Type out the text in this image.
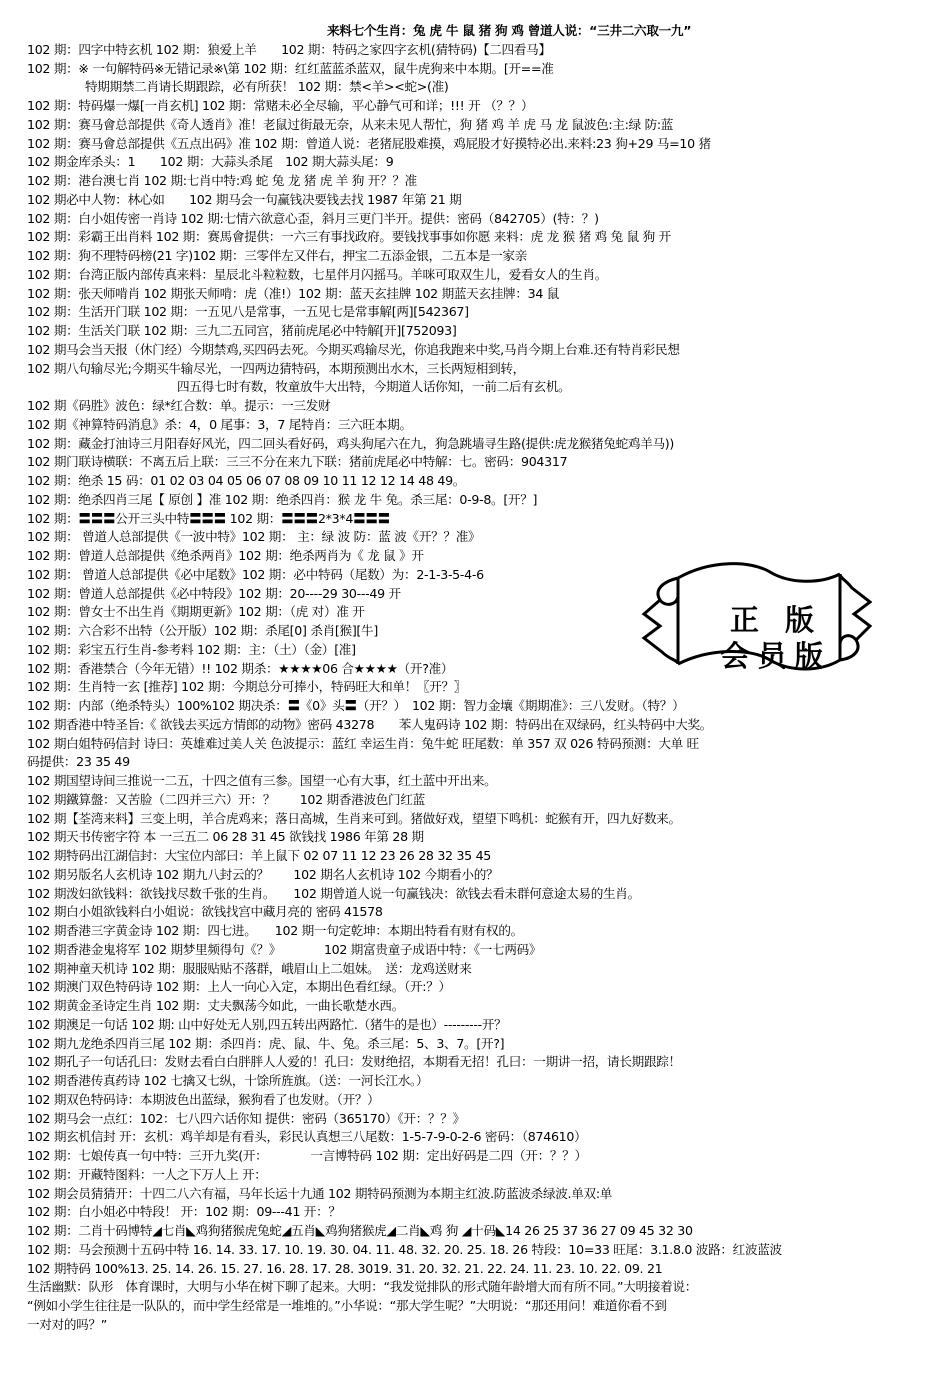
来料七个生肖：兔 虎 牛 鼠 猪 狗 鸡 曾道人说：“三井二六取一九”
102 期：四字中特玄机 102 期：狼爱上羊　　102 期：特码之家四字玄机(猜特码)【二四看马】
102 期：※ 一句解特码※无错记录※\第 102 期：红红蓝蓝杀蓝双，鼠牛虎狗来中本期。[开==准
特期期禁二肖请长期跟踪，必有所获！ 102 期：禁<羊><蛇>(准)
102 期：特码爆一爆[一肖玄机] 102 期：常赌未必全尽输，平心静气可和详；!!! 开 （？？）
102 期：赛马會总部提供《奇人透肖》准！老鼠过街最无奈，从来未见人帮忙，狗 猪 鸡 羊 虎 马 龙 鼠波色:主:绿 防:蓝
102 期：赛马會总部提供《五点出码》准 102 期：曾道人说：老猪屁股难摸，鸡屁股才好摸特必出.来料:23 狗+29 马=10 猪
102 期金库杀头：1　　102 期：大蒜头杀尾　102 期大蒜头尾：9
102 期：港台澳七肖 102 期:七肖中特:鸡 蛇 兔 龙 猪 虎 羊 狗 开？？准
102 期必中人物：林心如　　102 期马会一句赢钱决要钱去找 1987 年第 21 期
102 期：白小姐传密一肖诗 102 期:七情六欲意心歪，斜月三更门半开。提供：密码（842705）(特：？)
102 期：彩霸王出肖料 102 期：赛馬會提供：一六三有事找政府。要钱找事事如你愿 来料：虎 龙 猴 猪 鸡 兔 鼠 狗 开
102 期：狗不理特码榜(21 字)102 期：三零伴左又伴右，押宝二五添金银，二五本是一家亲
102 期：台湾正版内部传真来料：星辰北斗粒粒数，七星伴月闪摇马。羊咪可取双生儿，爱看女人的生肖。
102 期：张天师啃肖 102 期张天师啃：虎（准!）102 期：蓝天玄挂牌 102 期蓝天玄挂牌：34 鼠
102 期：生活开门联 102 期：一五见八是常事，一五见七是常事解[两][542367]
102 期：生活关门联 102 期：三九二五同宫，猪前虎尾必中特解[开][752093]
102 期马会当天报（休门经）今期禁鸡,买四码去死。今期买鸡输尽光，你追我跑来中奖,马肖今期上台难.还有特肖彩民想
102 期八句输尽光;今期买牛输尽光，一四两边猜特码，本期预测出水木，三长两短相到转，
四五得七时有数，牧童放牛大出特，今期道人话你知，一前二后有玄机。
102 期《码胜》波色：绿*红合数：单。提示：一三发财
102 期《神算特码消息》杀：4，0 尾事：3，7 尾特肖：三六旺本期。
102 期：藏金打油诗三月阳春好风光，四二回头看好码，鸡头狗尾六在九，狗急跳墙寻生路(提供:虎龙猴猪兔蛇鸡羊马))
102 期门联诗横联：不离五后上联：三三不分在来九下联：猪前虎尾必中特解：七。密码：904317
102 期：绝杀 15 码：01 02 03 04 05 06 07 08 09 10 11 12 12 14 48 49。
102 期：绝杀四肖三尾【 原创 】准 102 期：绝杀四肖：猴 龙 牛 兔。杀三尾：0-9-8。[开？]
102 期：〓〓〓公开三头中特〓〓〓 102 期：〓〓〓2*3*4〓〓〓
102 期： 曾道人总部提供《一波中特》102 期： 主：绿 波 防：蓝 波《开？？准》
102 期：曾道人总部提供《绝杀两肖》102 期：绝杀两肖为《 龙 鼠 》开
102 期： 曾道人总部提供《必中尾数》102 期：必中特码（尾数）为：2-1-3-5-4-6
102 期：曾道人总部提供《必中特段》102 期：20----29 30---49 开
102 期：曾女士不出生肖《期期更新》102 期：（虎 对）准 开
102 期：六合彩不出特（公开版）102 期：杀尾[0] 杀肖[猴][牛]
102 期：彩宝五行生肖-参考料 102 期：主：（土）（金）[准]
102 期：香港禁合（今年无错）!! 102 期杀：★★★★06 合★★★★（开?准）
102 期：生肖特一玄 [推荐] 102 期：今期总分可捧小，特码旺大和单！〖开？〗
102 期：内部（绝杀特头）100%102 期决杀：〓《0》头〓（开？）　102 期：智力金壤《期期准》：三八发财。（特？）
102 期香港中特圣旨:《 欲钱去买远方情郎的动物》密码 43278　　苯人鬼码诗 102 期：特码出在双绿码，红头特码中大奖。
102 期白姐特码信封 诗曰：英雄难过美人关 色波提示：蓝红 幸运生肖：兔牛蛇 旺尾数：单 357 双 026 特码预测：大单 旺
码提供：23 35 49
102 期国望诗间三推说一二五，十四之值有三参。国望一心有大事，红土蓝中开出来。
102 期鐵算盤：又苦脸（二四并三六）开：？　　102 期香港波色门红蓝
102 期【荃湾来料】三变上明，羊合虎鸡来；落日高城，生肖来可到。猪做好戏，望望下鸣机：蛇猴有开，四九好数来。
102 期天书传密字符 本 一三五二 06 28 31 45 欲钱找 1986 年第 28 期
102 期特码出江湖信封：大宝位内部曰：羊上鼠下 02 07 11 12 23 26 28 32 35 45
102 期另版名人玄机诗 102 期九八封云的？　　102 期名人玄机诗 102 今期看小的？
102 期泼妇欲钱料：欲钱找尽数千张的生肖。　　102 期曾道人说一句赢钱决：欲钱去看未群何意途太易的生肖。
102 期白小姐欲钱料白小姐说：欲钱找宫中藏月亮的 密码 41578
102 期香港三字黄金诗 102 期：四七进。　　102 期一句定乾坤：本期出特看有财有权的。
102 期香港金鬼将军 102 期梦里频得句《？》　　　　102 期富贵童子成语中特：《一七两码》
102 期神童天机诗 102 期：服服贴贴不落群，峨眉山上二姐妹。　送：龙鸡送财来
102 期澳门双色特码诗 102 期：上人一向心入定，本期出色看红绿。（开:？）
102 期黄金圣诗定生肖 102 期：丈夫飘荡今如此，一曲长歌楚水西。
102 期澳足一句话 102 期: 山中好处无人别,四五转出两路忙.（猪牛的是也）---------开？
102 期九龙绝杀四肖三尾 102 期：杀四肖：虎、鼠、牛、兔。杀三尾：5、3、7。[开?]
102 期孔子一句话孔曰：发财去看白白胖胖人人爱的！孔曰：发财绝招，本期看无招！孔曰：一期讲一招，请长期跟踪！
102 期香港传真药诗 102 七擒又七纵，十馀所旌旗。（送：一河长江水。）
102 期双色特码诗：本期波色出蓝绿，猴狗看了也发财。（开？）
102 期马会一点红：102：七八四六话你知 提供：密码（365170）《开：？？》
102 期玄机信封 开：玄机：鸡羊却是有看头，彩民认真想三八尾数：1-5-7-9-0-2-6 密码：（874610）
102 期：七娘传真一句中特：三开九奖(开：　　　　一言博特码 102 期：定出好码是二四（开：？？）
102 期：开藏特图料：一人之下万人上 开：
102 期会员猜猜开：十四二八六有福，马年长运十九通 102 期特码预测为本期主红波.防蓝波杀绿波.单双:单
102 期：白小姐必中特段！ 开：102 期：09---41 开：？
102 期：二肖十码博特◢七肖◣鸡狗猪猴虎兔蛇◢五肖◣鸡狗猪猴虎◢二肖◣鸡 狗 ◢十码◣14 26 25 37 36 27 09 45 32 30
102 期：马会预测十五码中特 16. 14. 33. 17. 10. 19. 30. 04. 11. 48. 32. 20. 25. 18. 26 特段：10=33 旺尾：3.1.8.0 波路：红波蓝波
102 期特码 100%13. 25. 14. 26. 15. 27. 16. 28. 17. 28. 3019. 31. 20. 32. 21. 22. 24. 11. 23. 10. 22. 09. 21
生活幽默：队形　体育课时，大明与小华在树下聊了起来。大明：“我发觉排队的形式随年龄增大而有所不同。”大明接着说：
“例如小学生往往是一队队的，而中学生经常是一堆堆的。”小华说：“那大学生呢？”大明说：“那还用问！难道你看不到
一对对的吗？”
正 版
会员版
